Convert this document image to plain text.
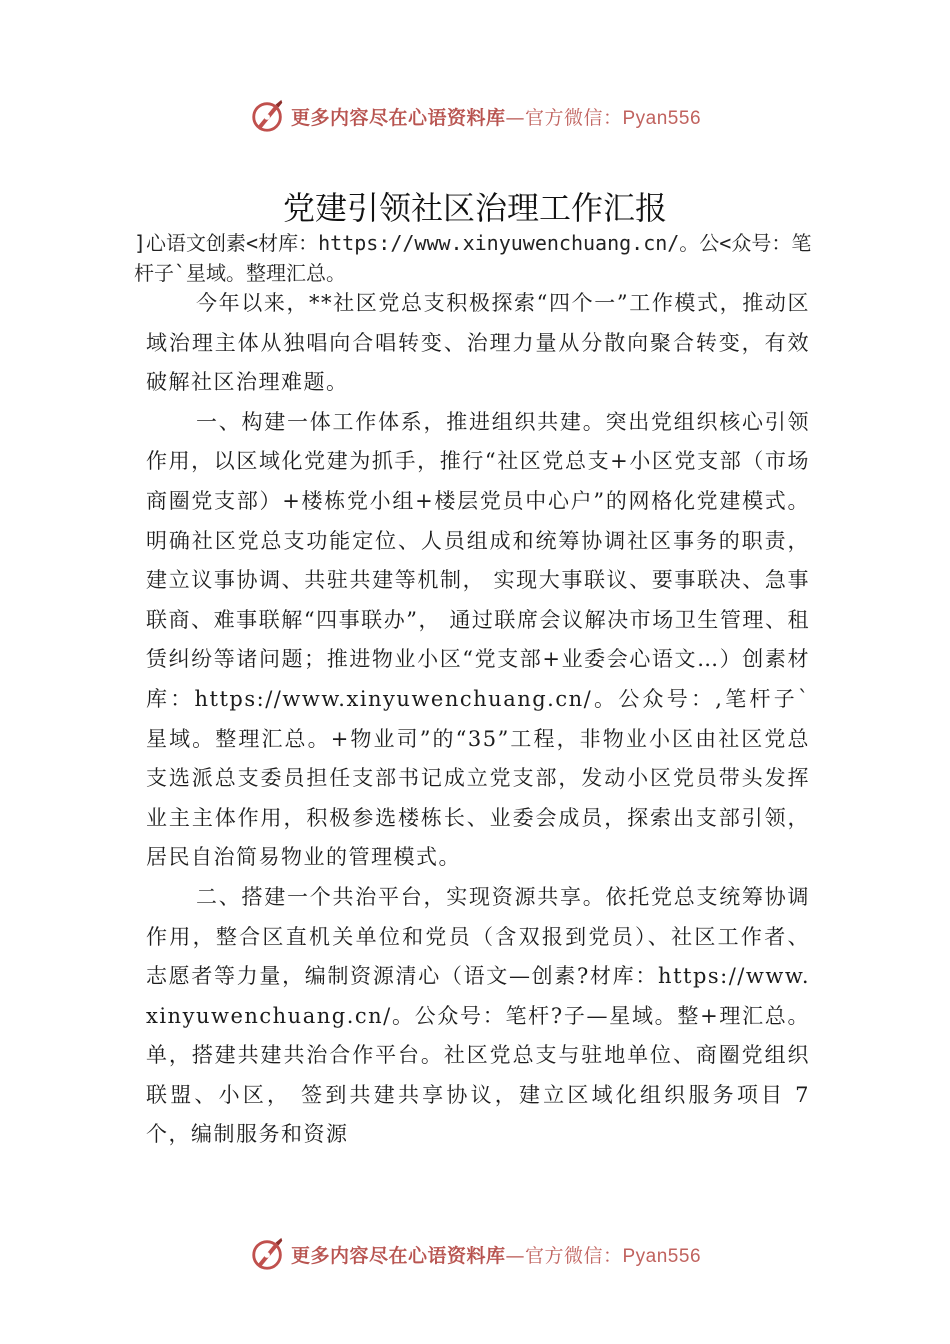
更多内容尽在心语资料库—官方微信：Pyan556
党建引领社区治理工作汇报

]心语文创素<材库：https://www.xinyuwenchuang.cn/。公<众号：笔杆子`星域。整理汇总。

今年以来，**社区党总支积极探索“四个一”工作模式，推动区域治理主体从独唱向合唱转变、治理力量从分散向聚合转变，有效破解社区治理难题。

一、构建一体工作体系，推进组织共建。突出党组织核心引领作用，以区域化党建为抓手，推行“社区党总支+小区党支部（市场商圈党支部）+楼栋党小组+楼层党员中心户”的网格化党建模式。明确社区党总支功能定位、人员组成和统筹协调社区事务的职责，建立议事协调、共驻共建等机制， 实现大事联议、要事联决、急事联商、难事联解“四事联办”， 通过联席会议解决市场卫生管理、租赁纠纷等诸问题；推进物业小区“党支部+业委会心语文…）创素材库：https://www.xinyuwenchuang.cn/。公众号：,笔杆子`星域。整理汇总。+物业司”的“35”工程，非物业小区由社区党总支选派总支委员担任支部书记成立党支部，发动小区党员带头发挥业主主体作用，积极参选楼栋长、业委会成员，探索出支部引领，居民自治简易物业的管理模式。

二、搭建一个共治平台，实现资源共享。依托党总支统筹协调作用，整合区直机关单位和党员（含双报到党员）、社区工作者、志愿者等力量，编制资源清心（语文—创素?材库：https://www.xinyuwenchuang.cn/。公众号：笔杆?子—星域。整+理汇总。单，搭建共建共治合作平台。社区党总支与驻地单位、商圈党组织联盟、小区， 签到共建共享协议，建立区域化组织服务项目 7 个，编制服务和资源

更多内容尽在心语资料库—官方微信：Pyan556
